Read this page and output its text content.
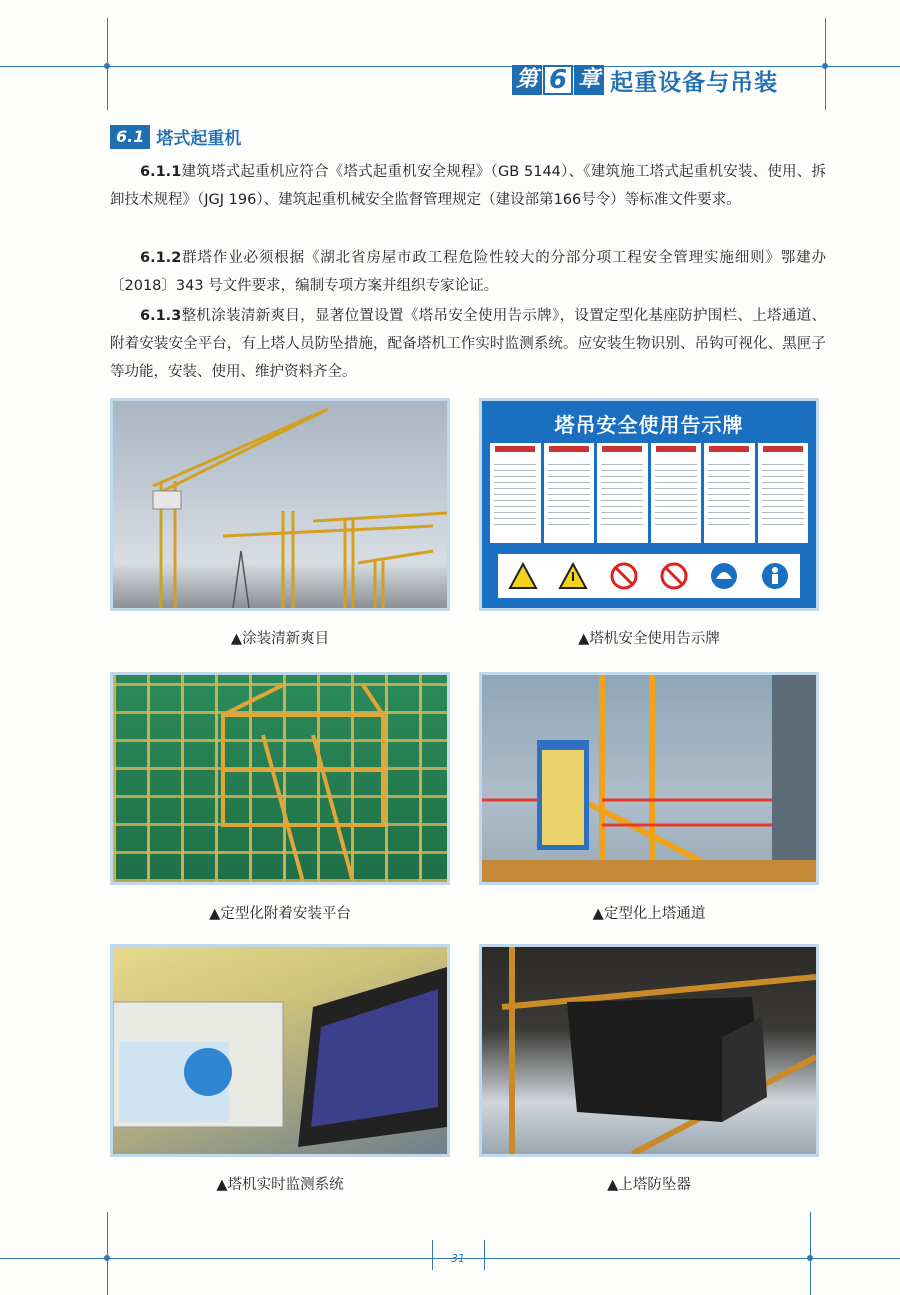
第 6 章 起重设备与吊装
6.1 塔式起重机
6.1.1建筑塔式起重机应符合《塔式起重机安全规程》（GB 5144）、《建筑施工塔式起重机安装、使用、拆卸技术规程》（JGJ 196）、建筑起重机械安全监督管理规定（建设部第166号令）等标准文件要求。
6.1.2群塔作业必须根据《湖北省房屋市政工程危险性较大的分部分项工程安全管理实施细则》鄂建办〔2018〕343 号文件要求，编制专项方案并组织专家论证。
6.1.3整机涂装清新爽目，显著位置设置《塔吊安全使用告示牌》，设置定型化基座防护围栏、上塔通道、附着安装安全平台，有上塔人员防坠措施，配备塔机工作实时监测系统。应安装生物识别、吊钩可视化、黑匣子等功能，安装、使用、维护资料齐全。
▲涂装清新爽目
塔吊安全使用告示牌
▲塔机安全使用告示牌
▲定型化附着安装平台	▲定型化上塔通道
▲塔机实时监测系统	▲上塔防坠器
31
